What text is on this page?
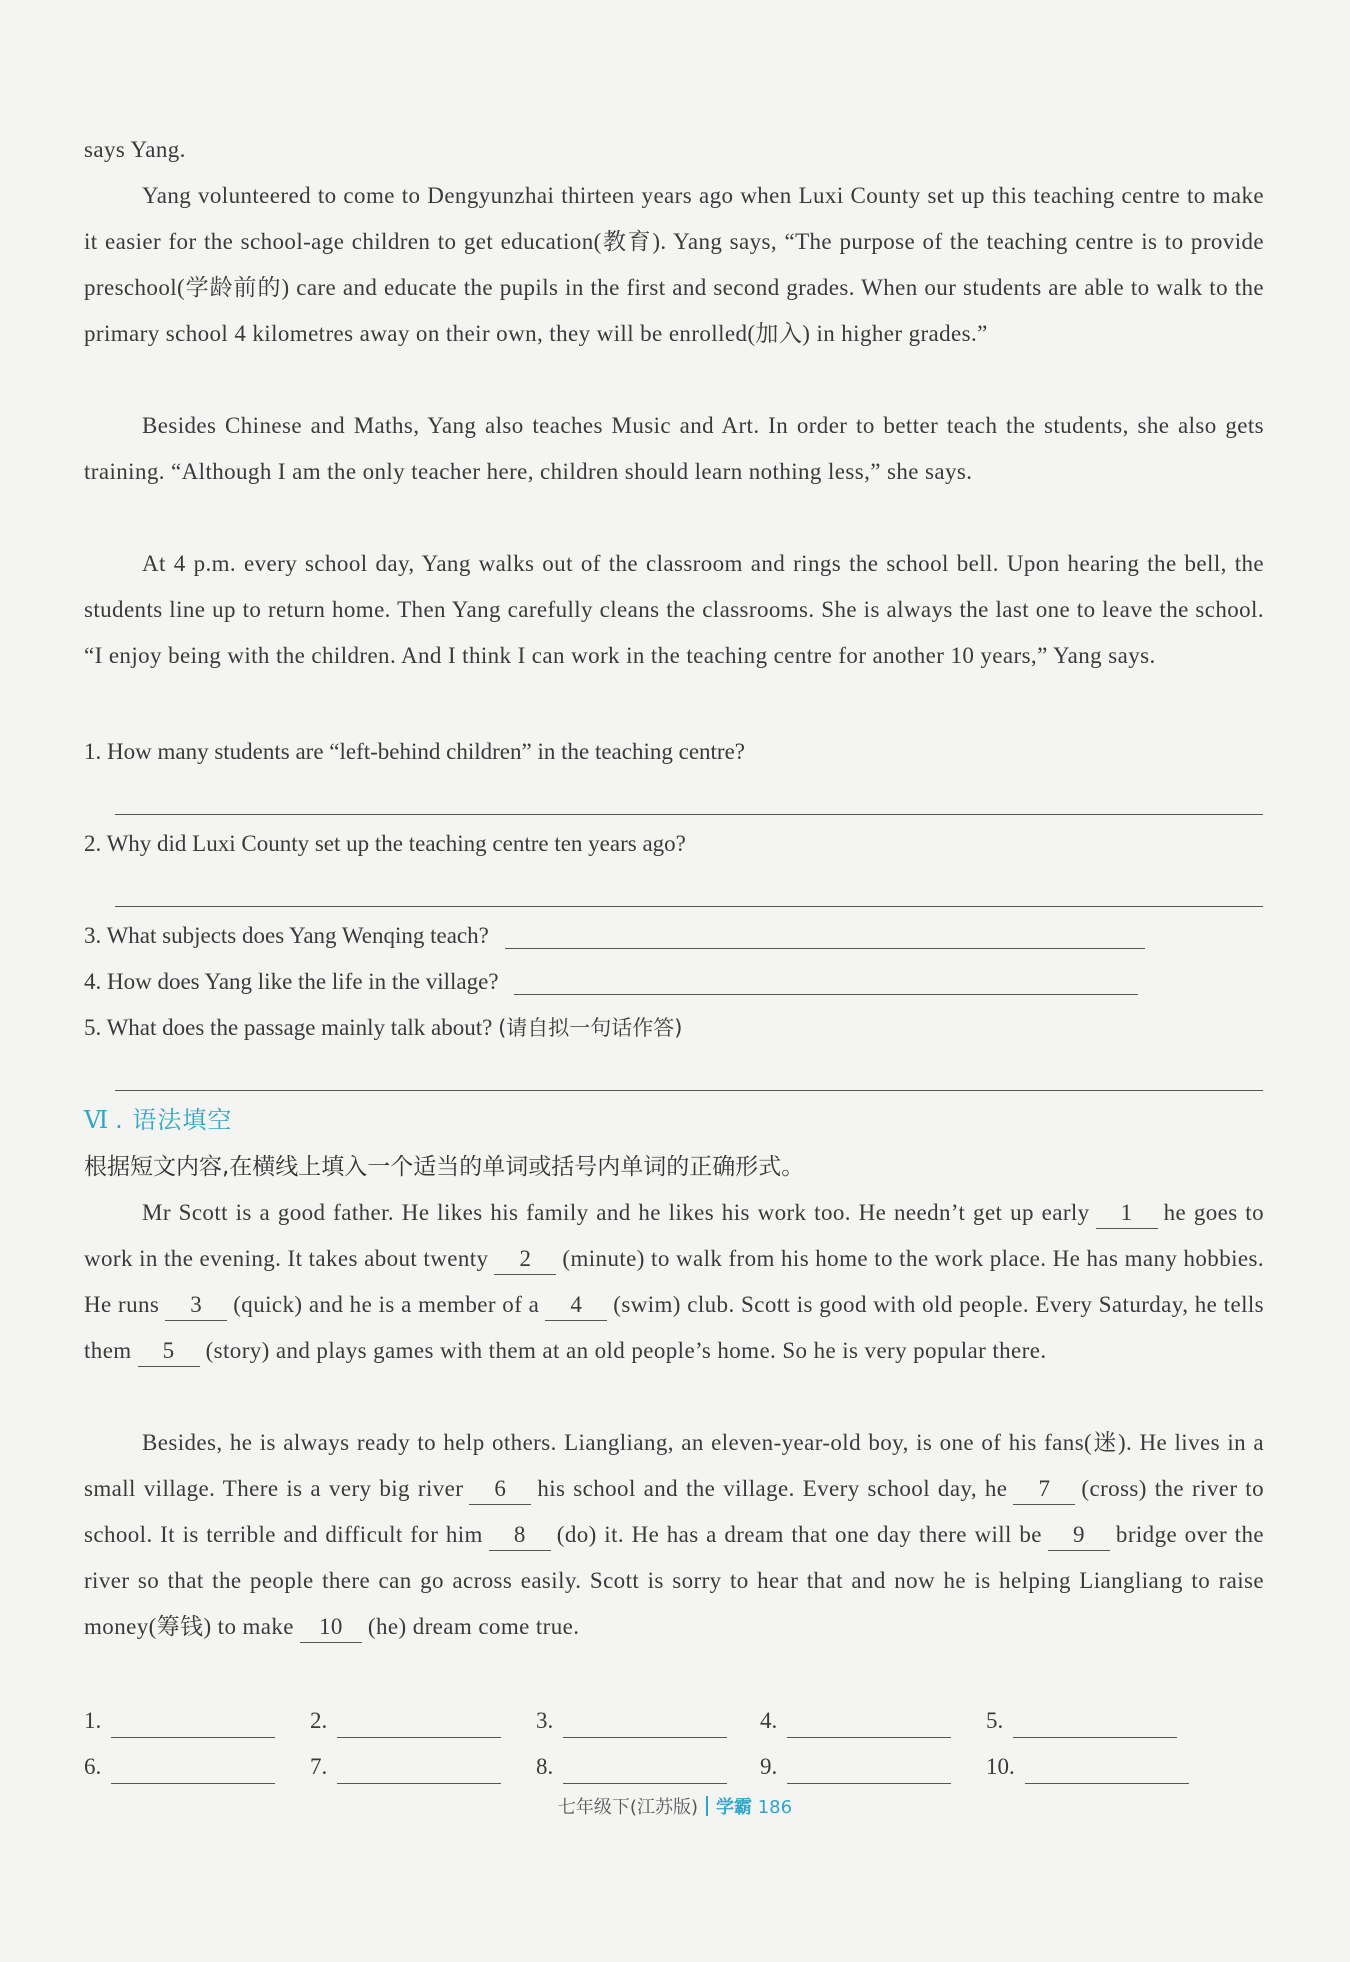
says Yang.

Yang volunteered to come to Dengyunzhai thirteen years ago when Luxi County set up this teaching centre to make it easier for the school-age children to get education(教育). Yang says, “The purpose of the teaching centre is to provide preschool(学龄前的) care and educate the pupils in the first and second grades. When our students are able to walk to the primary school 4 kilometres away on their own, they will be enrolled(加入) in higher grades.”

Besides Chinese and Maths, Yang also teaches Music and Art. In order to better teach the students, she also gets training. “Although I am the only teacher here, children should learn nothing less,” she says.

At 4 p.m. every school day, Yang walks out of the classroom and rings the school bell. Upon hearing the bell, the students line up to return home. Then Yang carefully cleans the classrooms. She is always the last one to leave the school. “I enjoy being with the children. And I think I can work in the teaching centre for another 10 years,” Yang says.

1. How many students are “left-behind children” in the teaching centre?
2. Why did Luxi County set up the teaching centre ten years ago?
3. What subjects does Yang Wenqing teach?
4. How does Yang like the life in the village?
5. What does the passage mainly talk about? (请自拟一句话作答)
Ⅵ . 语法填空
根据短文内容,在横线上填入一个适当的单词或括号内单词的正确形式。

Mr Scott is a good father. He likes his family and he likes his work too. He needn’t get up early 1 he goes to work in the evening. It takes about twenty 2 (minute) to walk from his home to the work place. He has many hobbies. He runs 3 (quick) and he is a member of a 4 (swim) club. Scott is good with old people. Every Saturday, he tells them 5 (story) and plays games with them at an old people’s home. So he is very popular there.

Besides, he is always ready to help others. Liangliang, an eleven-year-old boy, is one of his fans(迷). He lives in a small village. There is a very big river 6 his school and the village. Every school day, he 7 (cross) the river to school. It is terrible and difficult for him 8 (do) it. He has a dream that one day there will be 9 bridge over the river so that the people there can go across easily. Scott is sorry to hear that and now he is helping Liangliang to raise money(筹钱) to make 10 (he) dream come true.

1.	2.	3.	4.	5.
6.	7.	8.	9.	10.
七年级下(江苏版) 学霸 186
